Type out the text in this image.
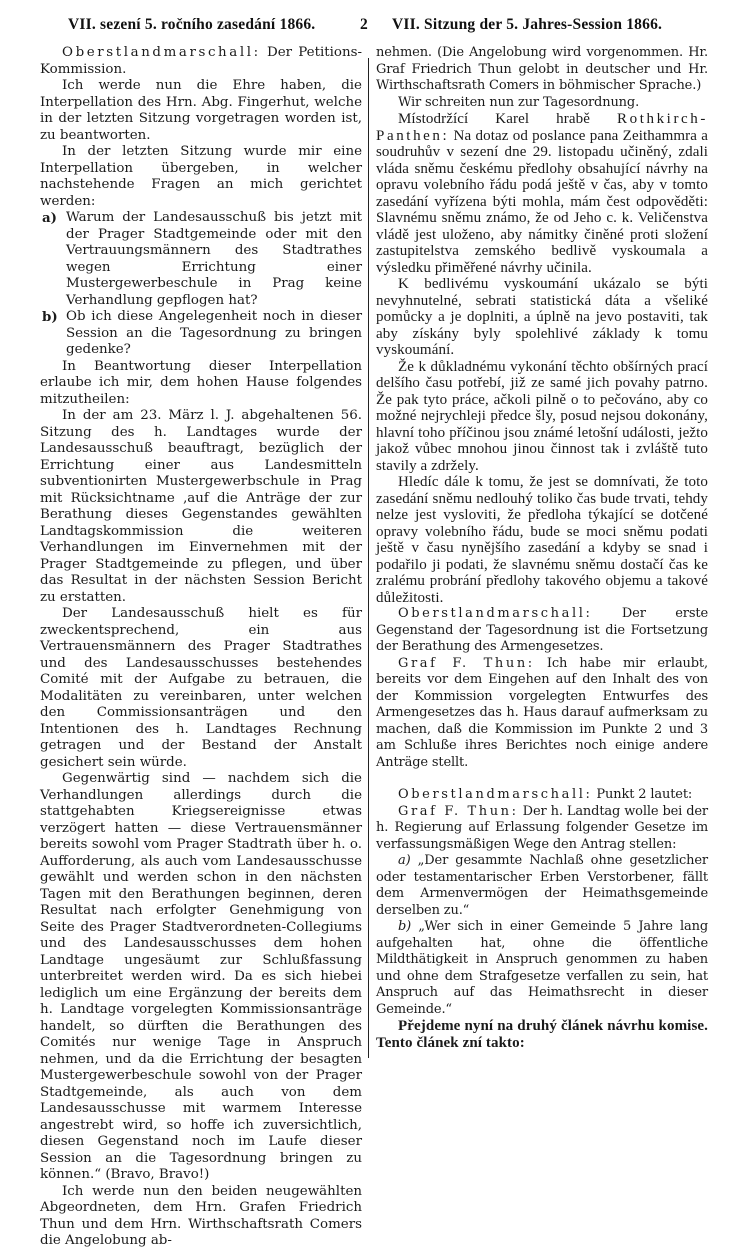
VII. sezení 5. ročního zasedání 1866.	2 VII. Sitzung der 5. Jahres-Session 1866.

Oberstlandmarschall: Der Petitions-Kommission.

Ich werde nun die Ehre haben, die Interpellation des Hrn. Abg. Fingerhut, welche in der letzten Sitzung vorgetragen worden ist, zu beantworten.

In der letzten Sitzung wurde mir eine Interpellation übergeben, in welcher nachstehende Fragen an mich gerichtet werden:

a) Warum der Landesausschuß bis jetzt mit der Prager Stadtgemeinde oder mit den Vertrauungsmännern des Stadtrathes wegen Errichtung einer Mustergewerbeschule in Prag keine Verhandlung gepflogen hat?
b) Ob ich diese Angelegenheit noch in dieser Session an die Tagesordnung zu bringen gedenke?

In Beantwortung dieser Interpellation erlaube ich mir, dem hohen Hause folgendes mitzutheilen:

In der am 23. März l. J. abgehaltenen 56. Sitzung des h. Landtages wurde der Landesausschuß beauftragt, bezüglich der Errichtung einer aus Landesmitteln subventionirten Mustergewerbschule in Prag mit Rücksichtname ‚auf die Anträge der zur Berathung dieses Gegenstandes gewählten Landtagskommission die weiteren Verhandlungen im Einvernehmen mit der Prager Stadtgemeinde zu pflegen, und über das Resultat in der nächsten Session Bericht zu erstatten.

Der Landesausschuß hielt es für zweckentsprechend, ein aus Vertrauensmännern des Prager Stadtrathes und des Landesausschusses bestehendes Comité mit der Aufgabe zu betrauen, die Modalitäten zu vereinbaren, unter welchen den Commissionsanträgen und den Intentionen des h. Landtages Rechnung getragen und der Bestand der Anstalt gesichert sein würde.

Gegenwärtig sind — nachdem sich die Verhandlungen allerdings durch die stattgehabten Kriegsereignisse etwas verzögert hatten — diese Vertrauensmänner bereits sowohl vom Prager Stadtrath über h. o. Aufforderung, als auch vom Landesausschusse gewählt und werden schon in den nächsten Tagen mit den Berathungen beginnen, deren Resultat nach erfolgter Genehmigung von Seite des Prager Stadtverordneten-Collegiums und des Landesausschusses dem hohen Landtage ungesäumt zur Schlußfassung unterbreitet werden wird. Da es sich hiebei lediglich um eine Ergänzung der bereits dem h. Landtage vorgelegten Kommissionsanträge handelt, so dürften die Berathungen des Comités nur wenige Tage in Anspruch nehmen, und da die Errichtung der besagten Mustergewerbeschule sowohl von der Prager Stadtgemeinde, als auch von dem Landesausschusse mit warmem Interesse angestrebt wird, so hoffe ich zuversichtlich, diesen Gegenstand noch im Laufe dieser Session an die Tagesordnung bringen zu können.“ (Bravo, Bravo!)

Ich werde nun den beiden neugewählten Abgeordneten, dem Hrn. Grafen Friedrich Thun und dem Hrn. Wirthschaftsrath Comers die Angelobung ab-

nehmen. (Die Angelobung wird vorgenommen. Hr. Graf Friedrich Thun gelobt in deutscher und Hr. Wirthschaftsrath Comers in böhmischer Sprache.)

Wir schreiten nun zur Tagesordnung.

Místodržící Karel hrabě Rothkirch-Panthen: Na dotaz od poslance pana Zeithammra a soudruhův v sezení dne 29. listopadu učiněný, zdali vláda sněmu českému předlohy obsahující návrhy na opravu volebního řádu podá ještě v čas, aby v tomto zasedání vyřízena býti mohla, mám čest odpověděti: Slavnému sněmu známo, že od Jeho c. k. Veličenstva vládě jest uloženo, aby námitky činěné proti složení zastupitelstva zemského bedlivě vyskoumala a výsledku přiměřené návrhy učinila.

K bedlivému vyskoumání ukázalo se býti nevyhnutelné, sebrati statistická dáta a všeliké pomůcky a je doplniti, a úplně na jevo postaviti, tak aby získány byly spolehlivé základy k tomu vyskoumání.

Že k důkladnému vykonání těchto obšírných prací delšího času potřebí, již ze samé jich povahy patrno. Že pak tyto práce, ačkoli pilně o to pečováno, aby co možné nejrychleji předce šly, posud nejsou dokonány, hlavní toho příčinou jsou známé letošní události, ježto jakož vůbec mnohou jinou činnost tak i zvláště tuto stavily a zdržely.

Hledíc dále k tomu, že jest se domnívati, že toto zasedání sněmu nedlouhý toliko čas bude trvati, tehdy nelze jest vysloviti, že předloha týkající se dotčené opravy volebního řádu, bude se moci sněmu podati ještě v času nynějšího zasedání a kdyby se snad i podařilo ji podati, že slavnému sněmu dostačí čas ke zralému probrání předlohy takového objemu a takové důležitosti.

Oberstlandmarschall: Der erste Gegenstand der Tagesordnung ist die Fortsetzung der Berathung des Armengesetzes.

Graf F. Thun: Ich habe mir erlaubt, bereits vor dem Eingehen auf den Inhalt des von der Kommission vorgelegten Entwurfes des Armengesetzes das h. Haus darauf aufmerksam zu machen, daß die Kommission im Punkte 2 und 3 am Schluße ihres Berichtes noch einige andere Anträge stellt.

Oberstlandmarschall: Punkt 2 lautet:

Graf F. Thun: Der h. Landtag wolle bei der h. Regierung auf Erlassung folgender Gesetze im verfassungsmäßigen Wege den Antrag stellen:

a) „Der gesammte Nachlaß ohne gesetzlicher oder testamentarischer Erben Verstorbener, fällt dem Armenvermögen der Heimathsgemeinde derselben zu.“

b) „Wer sich in einer Gemeinde 5 Jahre lang aufgehalten hat, ohne die öffentliche Mildthätigkeit in Anspruch genommen zu haben und ohne dem Strafgesetze verfallen zu sein, hat Anspruch auf das Heimathsrecht in dieser Gemeinde.“

Přejdeme nyní na druhý článek návrhu komise. Tento článek zní takto:
